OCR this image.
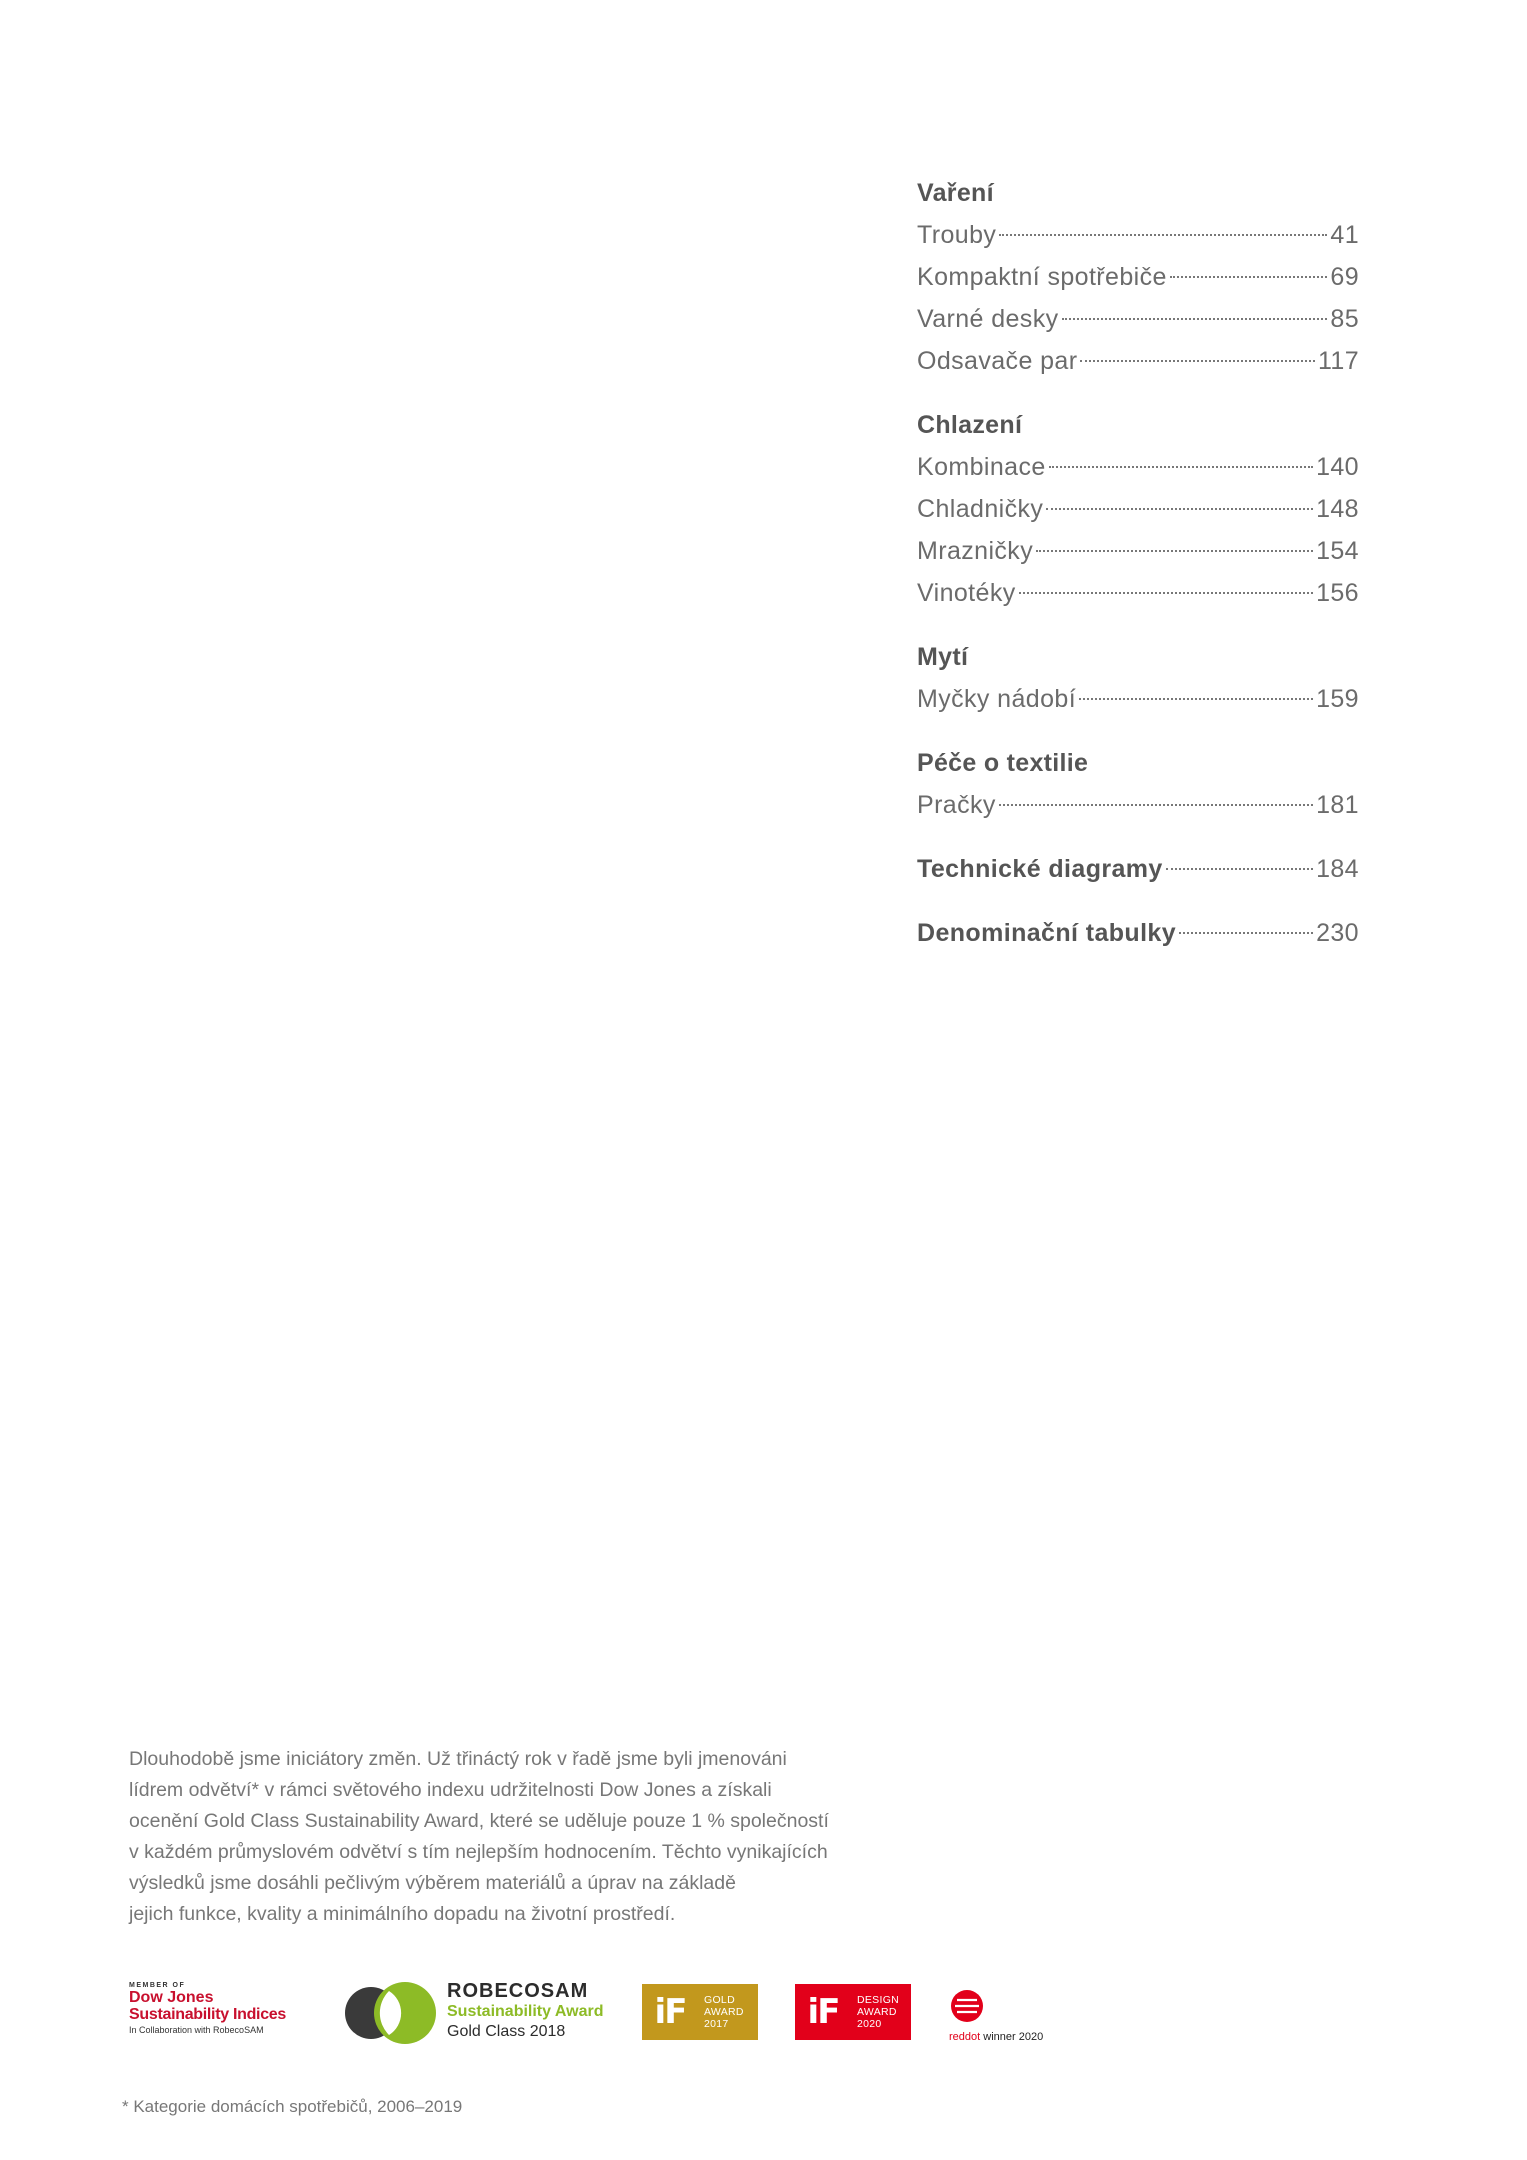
Vaření
Trouby	41
Kompaktní spotřebiče	69
Varné desky	85
Odsavače par	117
Chlazení
Kombinace	140
Chladničky	148
Mrazničky	154
Vinotéky	156
Mytí
Myčky nádobí	159
Péče o textilie
Pračky	181
Technické diagramy	184
Denominační tabulky	230
Dlouhodobě jsme iniciátory změn. Už třináctý rok v řadě jsme byli jmenováni
lídrem odvětví* v rámci světového indexu udržitelnosti Dow Jones a získali
ocenění Gold Class Sustainability Award, které se uděluje pouze 1 % společností
v každém průmyslovém odvětví s tím nejlepším hodnocením. Těchto vynikajících
výsledků jsme dosáhli pečlivým výběrem materiálů a úprav na základě
jejich funkce, kvality a minimálního dopadu na životní prostředí.
MEMBER OF
Dow Jones
Sustainability Indices
In Collaboration with RobecoSAM
ROBECOSAM
Sustainability Award
Gold Class 2018	iF	GOLD
AWARD
2017	iF	DESIGN
AWARD
2020
reddot winner 2020
* Kategorie domácích spotřebičů, 2006–2019
